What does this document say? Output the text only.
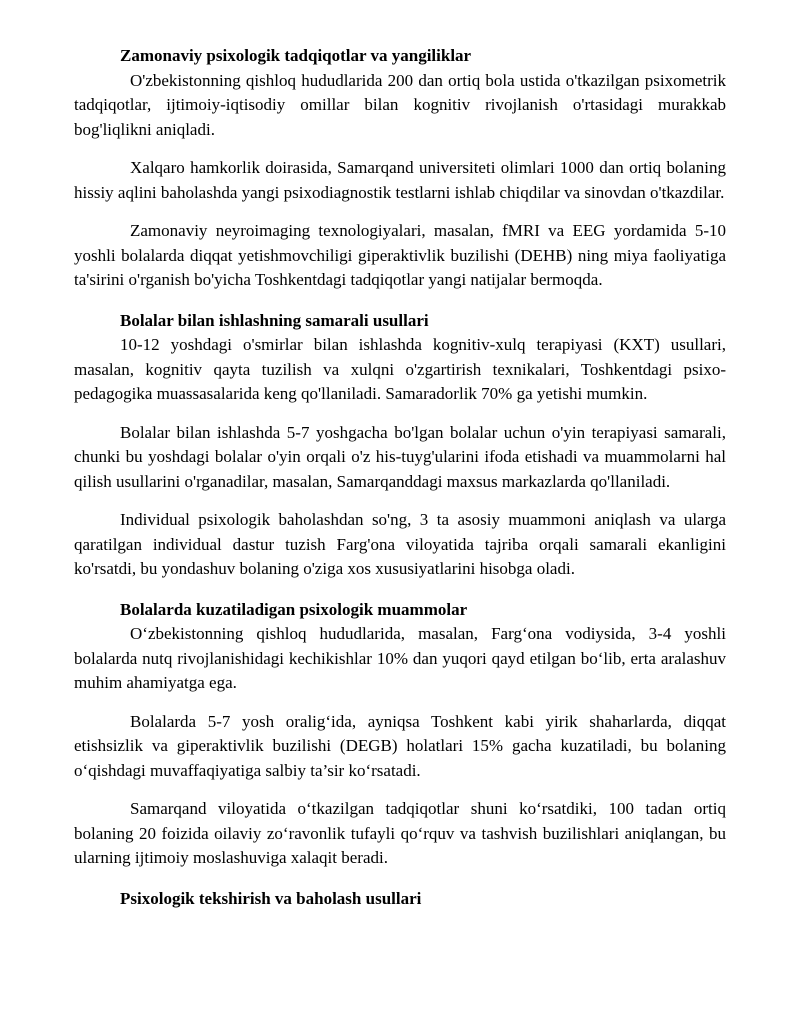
Zamonaviy psixologik tadqiqotlar va yangiliklar

O'zbekistonning qishloq hududlarida 200 dan ortiq bola ustida o'tkazilgan psixometrik tadqiqotlar, ijtimoiy-iqtisodiy omillar bilan kognitiv rivojlanish o'rtasidagi murakkab bog'liqlikni aniqladi.

Xalqaro hamkorlik doirasida, Samarqand universiteti olimlari 1000 dan ortiq bolaning hissiy aqlini baholashda yangi psixodiagnostik testlarni ishlab chiqdilar va sinovdan o'tkazdilar.

Zamonaviy neyroimaging texnologiyalari, masalan, fMRI va EEG yordamida 5-10 yoshli bolalarda diqqat yetishmovchiligi giperaktivlik buzilishi (DEHB) ning miya faoliyatiga ta'sirini o'rganish bo'yicha Toshkentdagi tadqiqotlar yangi natijalar bermoqda.

Bolalar bilan ishlashning samarali usullari

10-12 yoshdagi o'smirlar bilan ishlashda kognitiv-xulq terapiyasi (KXT) usullari, masalan, kognitiv qayta tuzilish va xulqni o'zgartirish texnikalari, Toshkentdagi psixo-pedagogika muassasalarida keng qo'llaniladi. Samaradorlik 70% ga yetishi mumkin.

Bolalar bilan ishlashda 5-7 yoshgacha bo'lgan bolalar uchun o'yin terapiyasi samarali, chunki bu yoshdagi bolalar o'yin orqali o'z his-tuyg'ularini ifoda etishadi va muammolarni hal qilish usullarini o'rganadilar, masalan, Samarqanddagi maxsus markazlarda qo'llaniladi.

Individual psixologik baholashdan so'ng, 3 ta asosiy muammoni aniqlash va ularga qaratilgan individual dastur tuzish Farg'ona viloyatida tajriba orqali samarali ekanligini ko'rsatdi, bu yondashuv bolaning o'ziga xos xususiyatlarini hisobga oladi.

Bolalarda kuzatiladigan psixologik muammolar

O‘zbekistonning qishloq hududlarida, masalan, Farg‘ona vodiysida, 3-4 yoshli bolalarda nutq rivojlanishidagi kechikishlar 10% dan yuqori qayd etilgan bo‘lib, erta aralashuv muhim ahamiyatga ega.

Bolalarda 5-7 yosh oralig‘ida, ayniqsa Toshkent kabi yirik shaharlarda, diqqat etishsizlik va giperaktivlik buzilishi (DEGB) holatlari 15% gacha kuzatiladi, bu bolaning o‘qishdagi muvaffaqiyatiga salbiy ta’sir ko‘rsatadi.

Samarqand viloyatida o‘tkazilgan tadqiqotlar shuni ko‘rsatdiki, 100 tadan ortiq bolaning 20 foizida oilaviy zo‘ravonlik tufayli qo‘rquv va tashvish buzilishlari aniqlangan, bu ularning ijtimoiy moslashuviga xalaqit beradi.

Psixologik tekshirish va baholash usullari
